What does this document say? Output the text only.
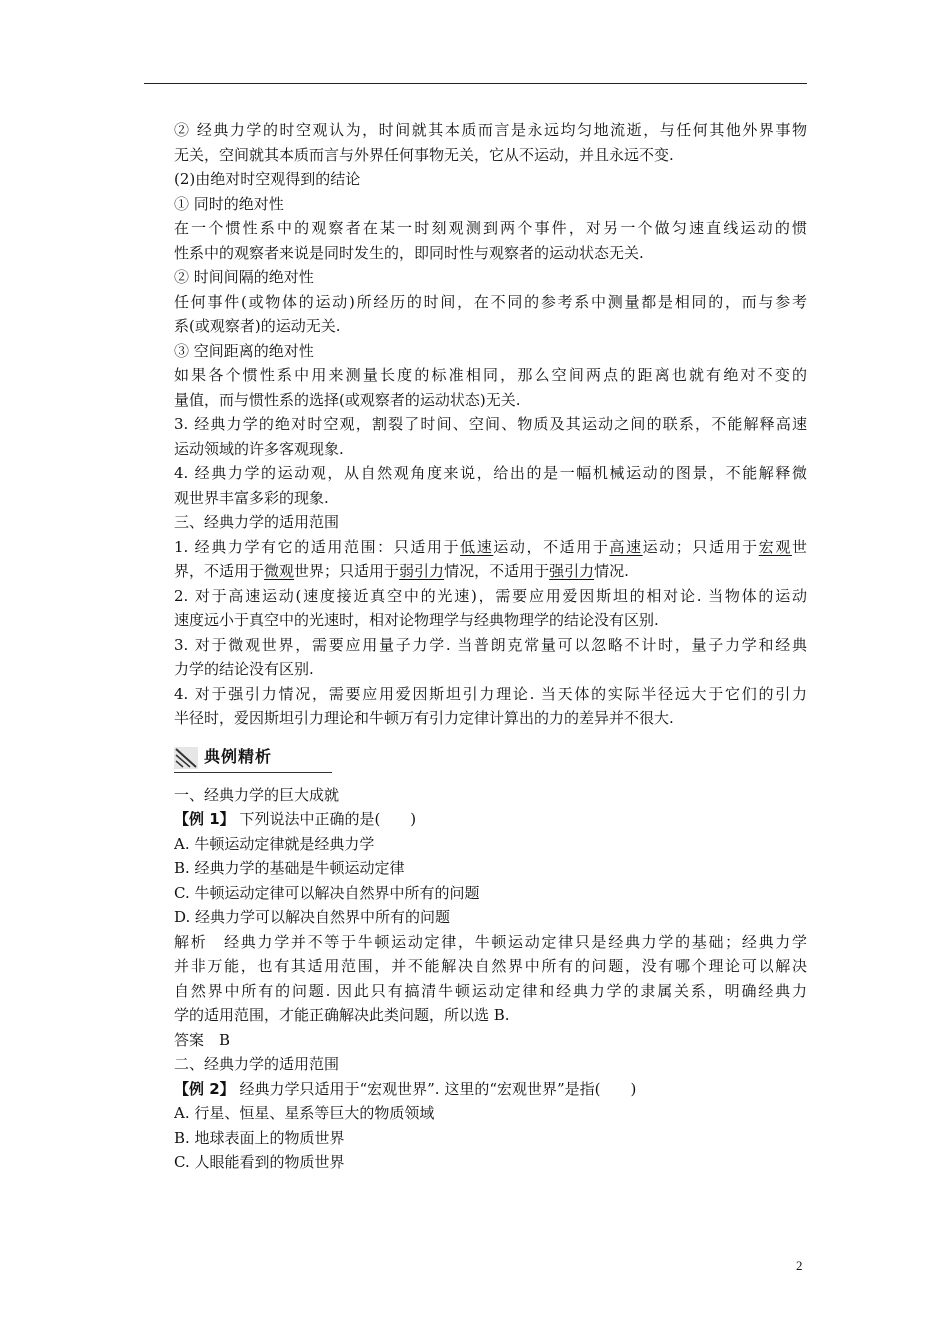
② 经典力学的时空观认为，时间就其本质而言是永远均匀地流逝，与任何其他外界事物
无关，空间就其本质而言与外界任何事物无关，它从不运动，并且永远不变.
(2)由绝对时空观得到的结论
① 同时的绝对性
在一个惯性系中的观察者在某一时刻观测到两个事件，对另一个做匀速直线运动的惯
性系中的观察者来说是同时发生的，即同时性与观察者的运动状态无关.
② 时间间隔的绝对性
任何事件(或物体的运动)所经历的时间，在不同的参考系中测量都是相同的，而与参考
系(或观察者)的运动无关.
③ 空间距离的绝对性
如果各个惯性系中用来测量长度的标准相同，那么空间两点的距离也就有绝对不变的
量值，而与惯性系的选择(或观察者的运动状态)无关.
3. 经典力学的绝对时空观，割裂了时间、空间、物质及其运动之间的联系，不能解释高速
运动领域的许多客观现象.
4. 经典力学的运动观，从自然观角度来说，给出的是一幅机械运动的图景，不能解释微
观世界丰富多彩的现象.
三、经典力学的适用范围
1. 经典力学有它的适用范围：只适用于低速运动，不适用于高速运动；只适用于宏观世
界，不适用于微观世界；只适用于弱引力情况，不适用于强引力情况.
2. 对于高速运动(速度接近真空中的光速)，需要应用爱因斯坦的相对论. 当物体的运动
速度远小于真空中的光速时，相对论物理学与经典物理学的结论没有区别.
3. 对于微观世界，需要应用量子力学. 当普朗克常量可以忽略不计时，量子力学和经典
力学的结论没有区别.
4. 对于强引力情况，需要应用爱因斯坦引力理论. 当天体的实际半径远大于它们的引力
半径时，爱因斯坦引力理论和牛顿万有引力定律计算出的力的差异并不很大.
典例精析
一、经典力学的巨大成就
【例 1】 下列说法中正确的是(　　)
A. 牛顿运动定律就是经典力学
B. 经典力学的基础是牛顿运动定律
C. 牛顿运动定律可以解决自然界中所有的问题
D. 经典力学可以解决自然界中所有的问题
解析　经典力学并不等于牛顿运动定律，牛顿运动定律只是经典力学的基础；经典力学
并非万能，也有其适用范围，并不能解决自然界中所有的问题，没有哪个理论可以解决
自然界中所有的问题. 因此只有搞清牛顿运动定律和经典力学的隶属关系，明确经典力
学的适用范围，才能正确解决此类问题，所以选 B.
答案　B
二、经典力学的适用范围
【例 2】 经典力学只适用于“宏观世界”. 这里的“宏观世界”是指(　　)
A. 行星、恒星、星系等巨大的物质领域
B. 地球表面上的物质世界
C. 人眼能看到的物质世界
2
